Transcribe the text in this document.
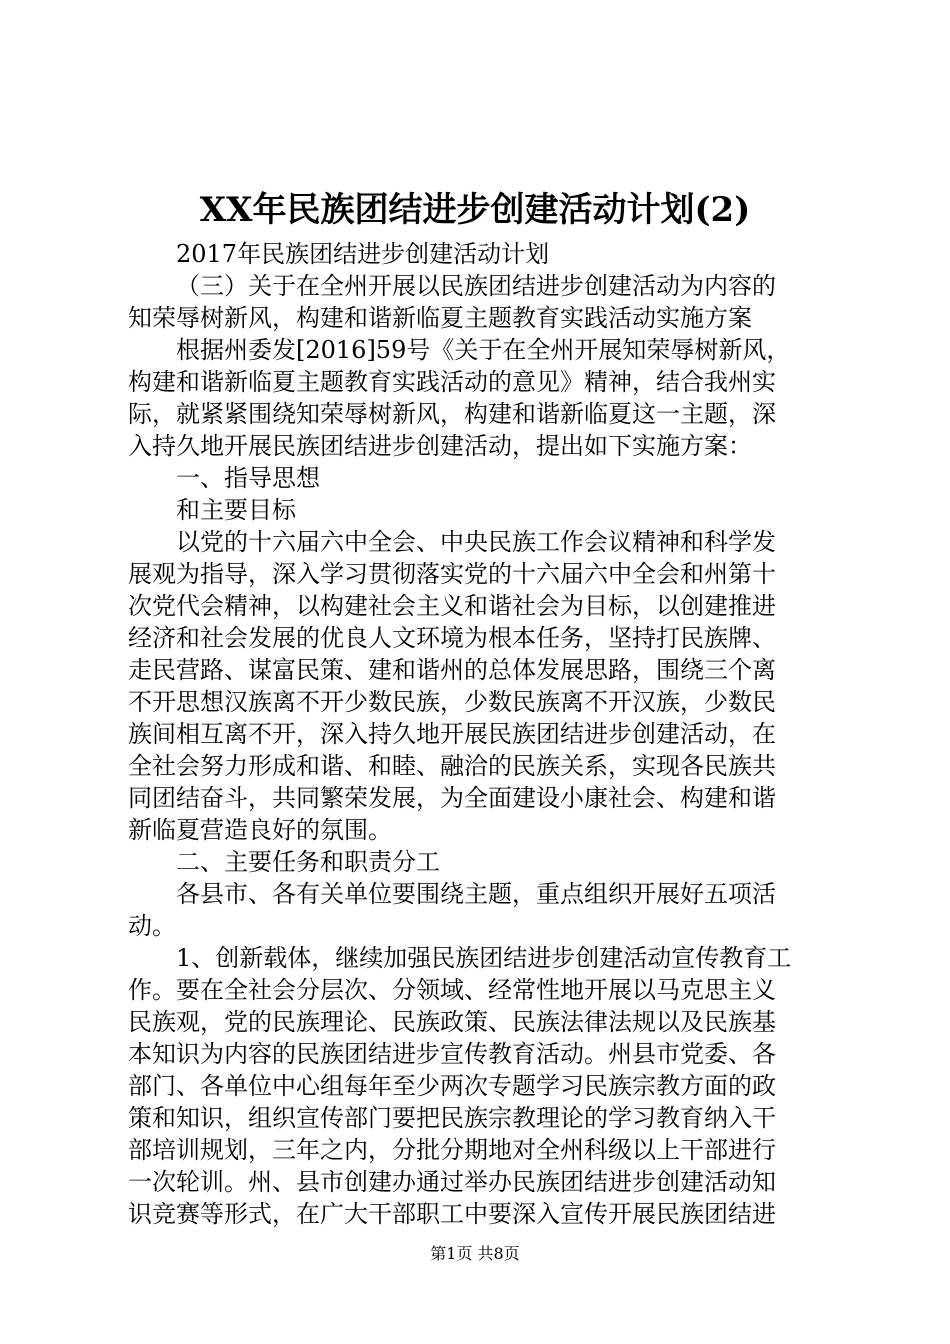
XX年民族团结进步创建活动计划(2)
2017年民族团结进步创建活动计划
（三）关于在全州开展以民族团结进步创建活动为内容的
知荣辱树新风，构建和谐新临夏主题教育实践活动实施方案
根据州委发[2016]59号《关于在全州开展知荣辱树新风，
构建和谐新临夏主题教育实践活动的意见》精神，结合我州实
际，就紧紧围绕知荣辱树新风，构建和谐新临夏这一主题，深
入持久地开展民族团结进步创建活动，提出如下实施方案：
一、指导思想
和主要目标
以党的十六届六中全会、中央民族工作会议精神和科学发
展观为指导，深入学习贯彻落实党的十六届六中全会和州第十
次党代会精神，以构建社会主义和谐社会为目标，以创建推进
经济和社会发展的优良人文环境为根本任务，坚持打民族牌、
走民营路、谋富民策、建和谐州的总体发展思路，围绕三个离
不开思想汉族离不开少数民族，少数民族离不开汉族，少数民
族间相互离不开，深入持久地开展民族团结进步创建活动，在
全社会努力形成和谐、和睦、融洽的民族关系，实现各民族共
同团结奋斗，共同繁荣发展，为全面建设小康社会、构建和谐
新临夏营造良好的氛围。
二、主要任务和职责分工
各县市、各有关单位要围绕主题，重点组织开展好五项活
动。
1、创新载体，继续加强民族团结进步创建活动宣传教育工
作。要在全社会分层次、分领域、经常性地开展以马克思主义
民族观，党的民族理论、民族政策、民族法律法规以及民族基
本知识为内容的民族团结进步宣传教育活动。州县市党委、各
部门、各单位中心组每年至少两次专题学习民族宗教方面的政
策和知识，组织宣传部门要把民族宗教理论的学习教育纳入干
部培训规划，三年之内，分批分期地对全州科级以上干部进行
一次轮训。州、县市创建办通过举办民族团结进步创建活动知
识竞赛等形式，在广大干部职工中要深入宣传开展民族团结进
第1页 共8页
